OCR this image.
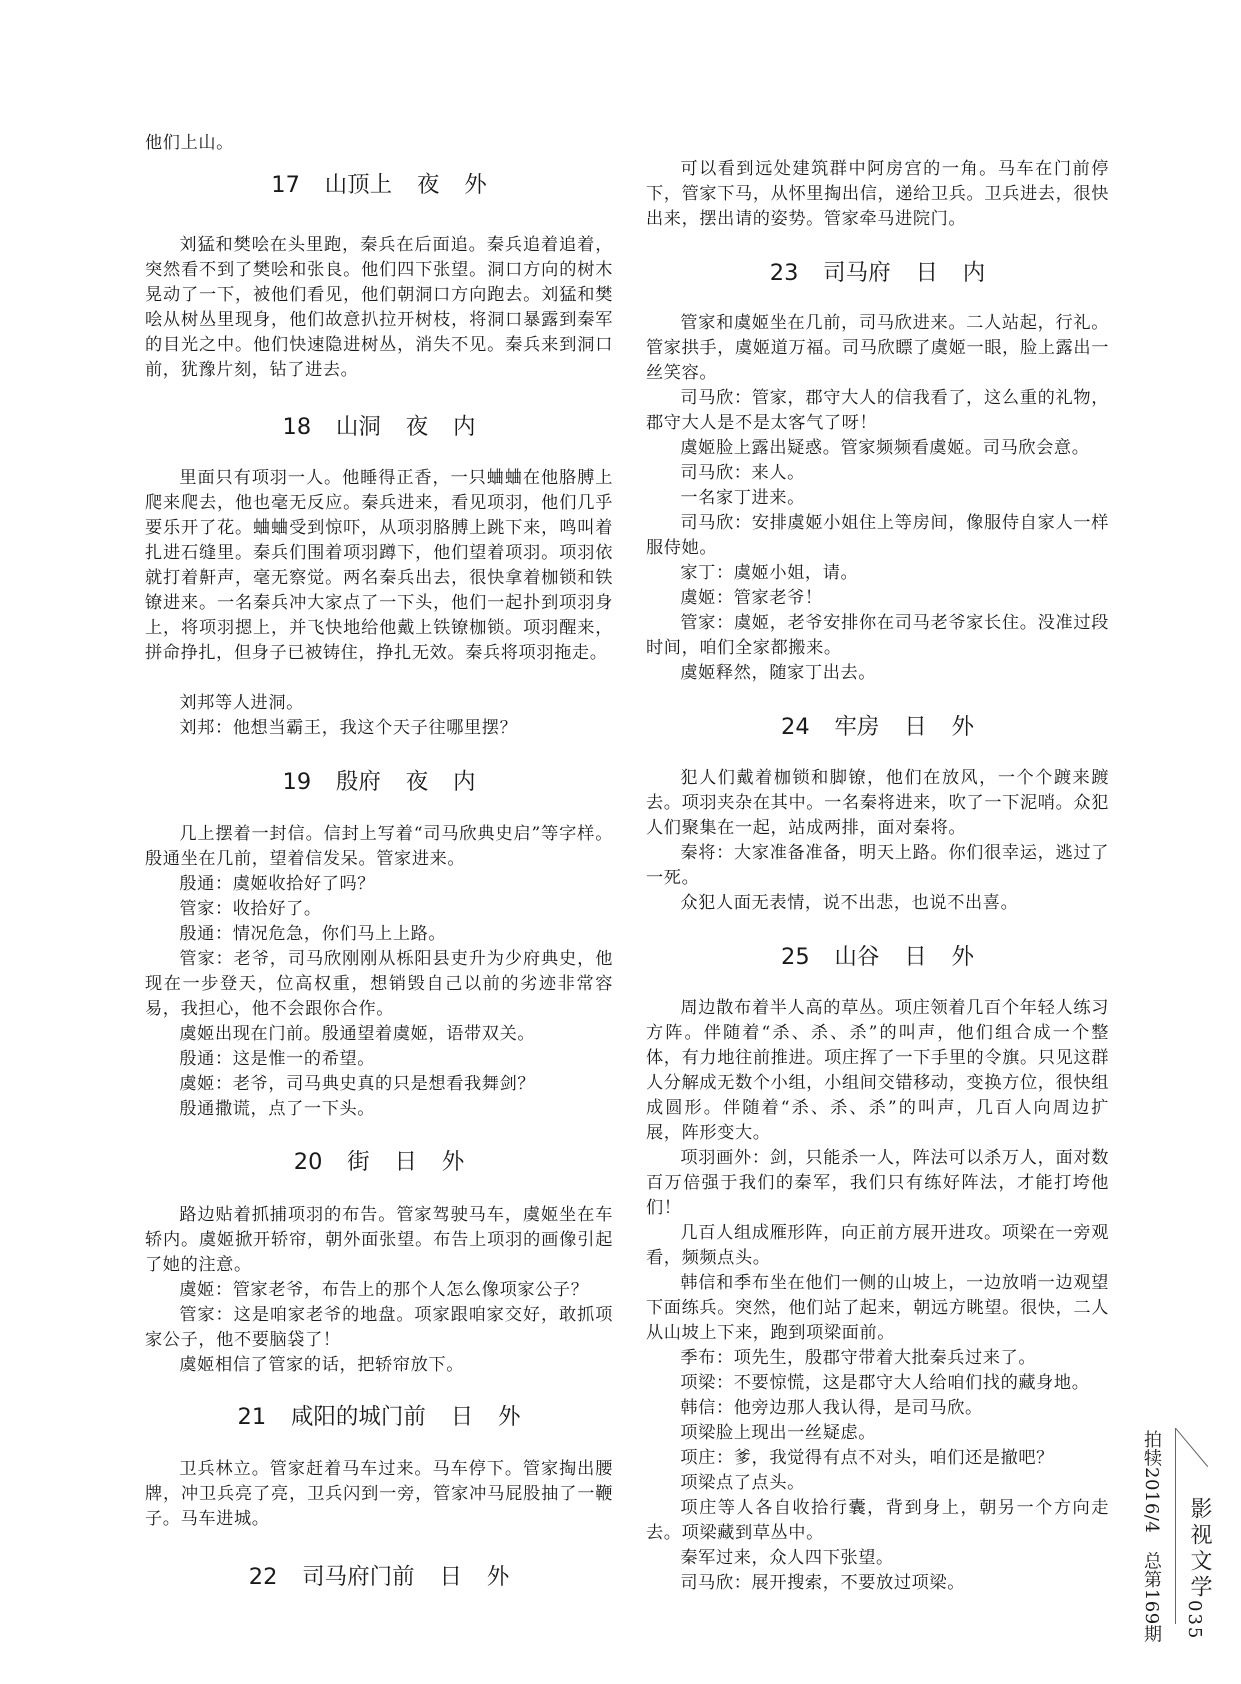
他们上山。

17 山顶上 夜 外

刘猛和樊哙在头里跑，秦兵在后面追。秦兵追着追着，突然看不到了樊哙和张良。他们四下张望。洞口方向的树木晃动了一下，被他们看见，他们朝洞口方向跑去。刘猛和樊哙从树丛里现身，他们故意扒拉开树枝，将洞口暴露到秦军的目光之中。他们快速隐进树丛，消失不见。秦兵来到洞口前，犹豫片刻，钻了进去。

18 山洞 夜 内

里面只有项羽一人。他睡得正香，一只蛐蛐在他胳膊上爬来爬去，他也毫无反应。秦兵进来，看见项羽，他们几乎要乐开了花。蛐蛐受到惊吓，从项羽胳膊上跳下来，鸣叫着扎进石缝里。秦兵们围着项羽蹲下，他们望着项羽。项羽依就打着鼾声，毫无察觉。两名秦兵出去，很快拿着枷锁和铁镣进来。一名秦兵冲大家点了一下头，他们一起扑到项羽身上，将项羽摁上，并飞快地给他戴上铁镣枷锁。项羽醒来，拼命挣扎，但身子已被铸住，挣扎无效。秦兵将项羽拖走。

刘邦等人进洞。

刘邦：他想当霸王，我这个天子往哪里摆？

19 殷府 夜 内

几上摆着一封信。信封上写着“司马欣典史启”等字样。殷通坐在几前，望着信发呆。管家进来。

殷通：虞姬收拾好了吗？

管家：收拾好了。

殷通：情况危急，你们马上上路。

管家：老爷，司马欣刚刚从栎阳县吏升为少府典史，他现在一步登天，位高权重，想销毁自己以前的劣迹非常容易，我担心，他不会跟你合作。

虞姬出现在门前。殷通望着虞姬，语带双关。

殷通：这是惟一的希望。

虞姬：老爷，司马典史真的只是想看我舞剑？

殷通撒谎，点了一下头。

20 街 日 外

路边贴着抓捕项羽的布告。管家驾驶马车，虞姬坐在车轿内。虞姬掀开轿帘，朝外面张望。布告上项羽的画像引起了她的注意。

虞姬：管家老爷，布告上的那个人怎么像项家公子？

管家：这是咱家老爷的地盘。项家跟咱家交好，敢抓项家公子，他不要脑袋了！

虞姬相信了管家的话，把轿帘放下。

21 咸阳的城门前 日 外

卫兵林立。管家赶着马车过来。马车停下。管家掏出腰牌，冲卫兵亮了亮，卫兵闪到一旁，管家冲马屁股抽了一鞭子。马车进城。

22 司马府门前 日 外

可以看到远处建筑群中阿房宫的一角。马车在门前停下，管家下马，从怀里掏出信，递给卫兵。卫兵进去，很快出来，摆出请的姿势。管家牵马进院门。

23 司马府 日 内

管家和虞姬坐在几前，司马欣进来。二人站起，行礼。管家拱手，虞姬道万福。司马欣瞟了虞姬一眼，脸上露出一丝笑容。

司马欣：管家，郡守大人的信我看了，这么重的礼物，郡守大人是不是太客气了呀！

虞姬脸上露出疑惑。管家频频看虞姬。司马欣会意。

司马欣：来人。

一名家丁进来。

司马欣：安排虞姬小姐住上等房间，像服侍自家人一样服侍她。

家丁：虞姬小姐，请。

虞姬：管家老爷！

管家：虞姬，老爷安排你在司马老爷家长住。没准过段时间，咱们全家都搬来。

虞姬释然，随家丁出去。

24 牢房 日 外

犯人们戴着枷锁和脚镣，他们在放风，一个个踱来踱去。项羽夹杂在其中。一名秦将进来，吹了一下泥哨。众犯人们聚集在一起，站成两排，面对秦将。

秦将：大家准备准备，明天上路。你们很幸运，逃过了一死。

众犯人面无表情，说不出悲，也说不出喜。

25 山谷 日 外

周边散布着半人高的草丛。项庄领着几百个年轻人练习方阵。伴随着“杀、杀、杀”的叫声，他们组合成一个整体，有力地往前推进。项庄挥了一下手里的令旗。只见这群人分解成无数个小组，小组间交错移动，变换方位，很快组成圆形。伴随着“杀、杀、杀”的叫声，几百人向周边扩展，阵形变大。

项羽画外：剑，只能杀一人，阵法可以杀万人，面对数百万倍强于我们的秦军，我们只有练好阵法，才能打垮他们！

几百人组成雁形阵，向正前方展开进攻。项梁在一旁观看，频频点头。

韩信和季布坐在他们一侧的山坡上，一边放哨一边观望下面练兵。突然，他们站了起来，朝远方眺望。很快，二人从山坡上下来，跑到项梁面前。

季布：项先生，殷郡守带着大批秦兵过来了。

项梁：不要惊慌，这是郡守大人给咱们找的藏身地。

韩信：他旁边那人我认得，是司马欣。

项梁脸上现出一丝疑虑。

项庄：爹，我觉得有点不对头，咱们还是撤吧？

项梁点了点头。

项庄等人各自收拾行囊，背到身上，朝另一个方向走去。项梁藏到草丛中。

秦军过来，众人四下张望。

司马欣：展开搜索，不要放过项梁。	拍犊2016/4　总第169期 影视文学
035
